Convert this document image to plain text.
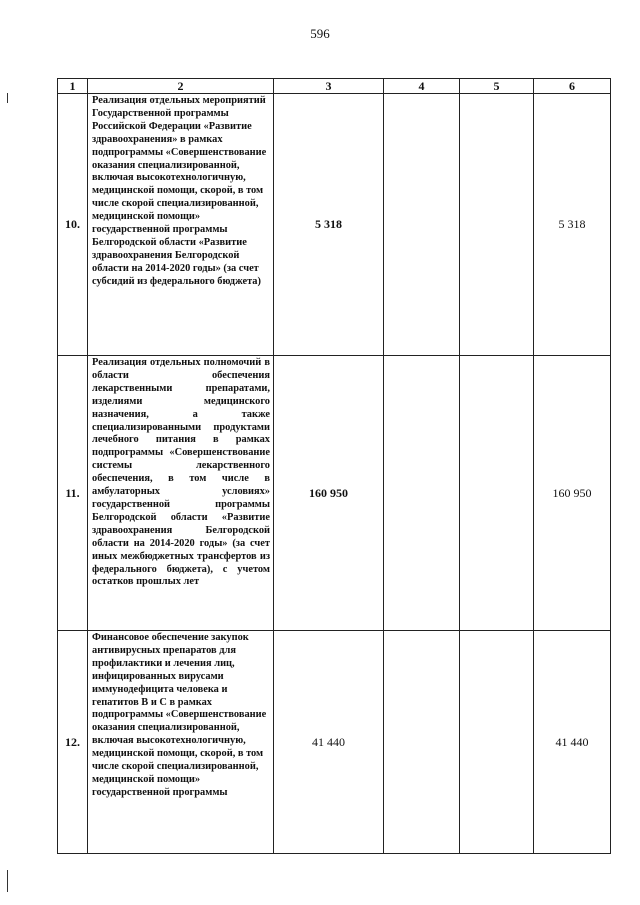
596
1	2	3	4	5	6
10.	Реализация отдельных мероприятий Государственной программы Российской Федерации «Развитие здравоохранения» в рамках подпрограммы «Совершенствование оказания специализированной, включая высокотехнологичную, медицинской помощи, скорой, в том числе скорой специализированной, медицинской помощи» государственной программы Белгородской области «Развитие здравоохранения Белгородской области на 2014-2020 годы» (за счет субсидий из федерального бюджета)	5 318			5 318
11.	Реализация отдельных полномочий в области обеспечения лекарственными препаратами, изделиями медицинского назначения, а также специализированными продуктами лечебного питания в рамках подпрограммы «Совершенствование системы лекарственного обеспечения, в том числе в амбулаторных условиях» государственной программы Белгородской области «Развитие здравоохранения Белгородской области на 2014-2020 годы» (за счет иных межбюджетных трансфертов из федерального бюджета), с учетом остатков прошлых лет	160 950			160 950
12.	Финансовое обеспечение закупок антивирусных препаратов для профилактики и лечения лиц, инфицированных вирусами иммунодефицита человека и гепатитов В и С в рамках подпрограммы «Совершенствование оказания специализированной, включая высокотехнологичную, медицинской помощи, скорой, в том числе скорой специализированной, медицинской помощи» государственной программы	41 440			41 440
